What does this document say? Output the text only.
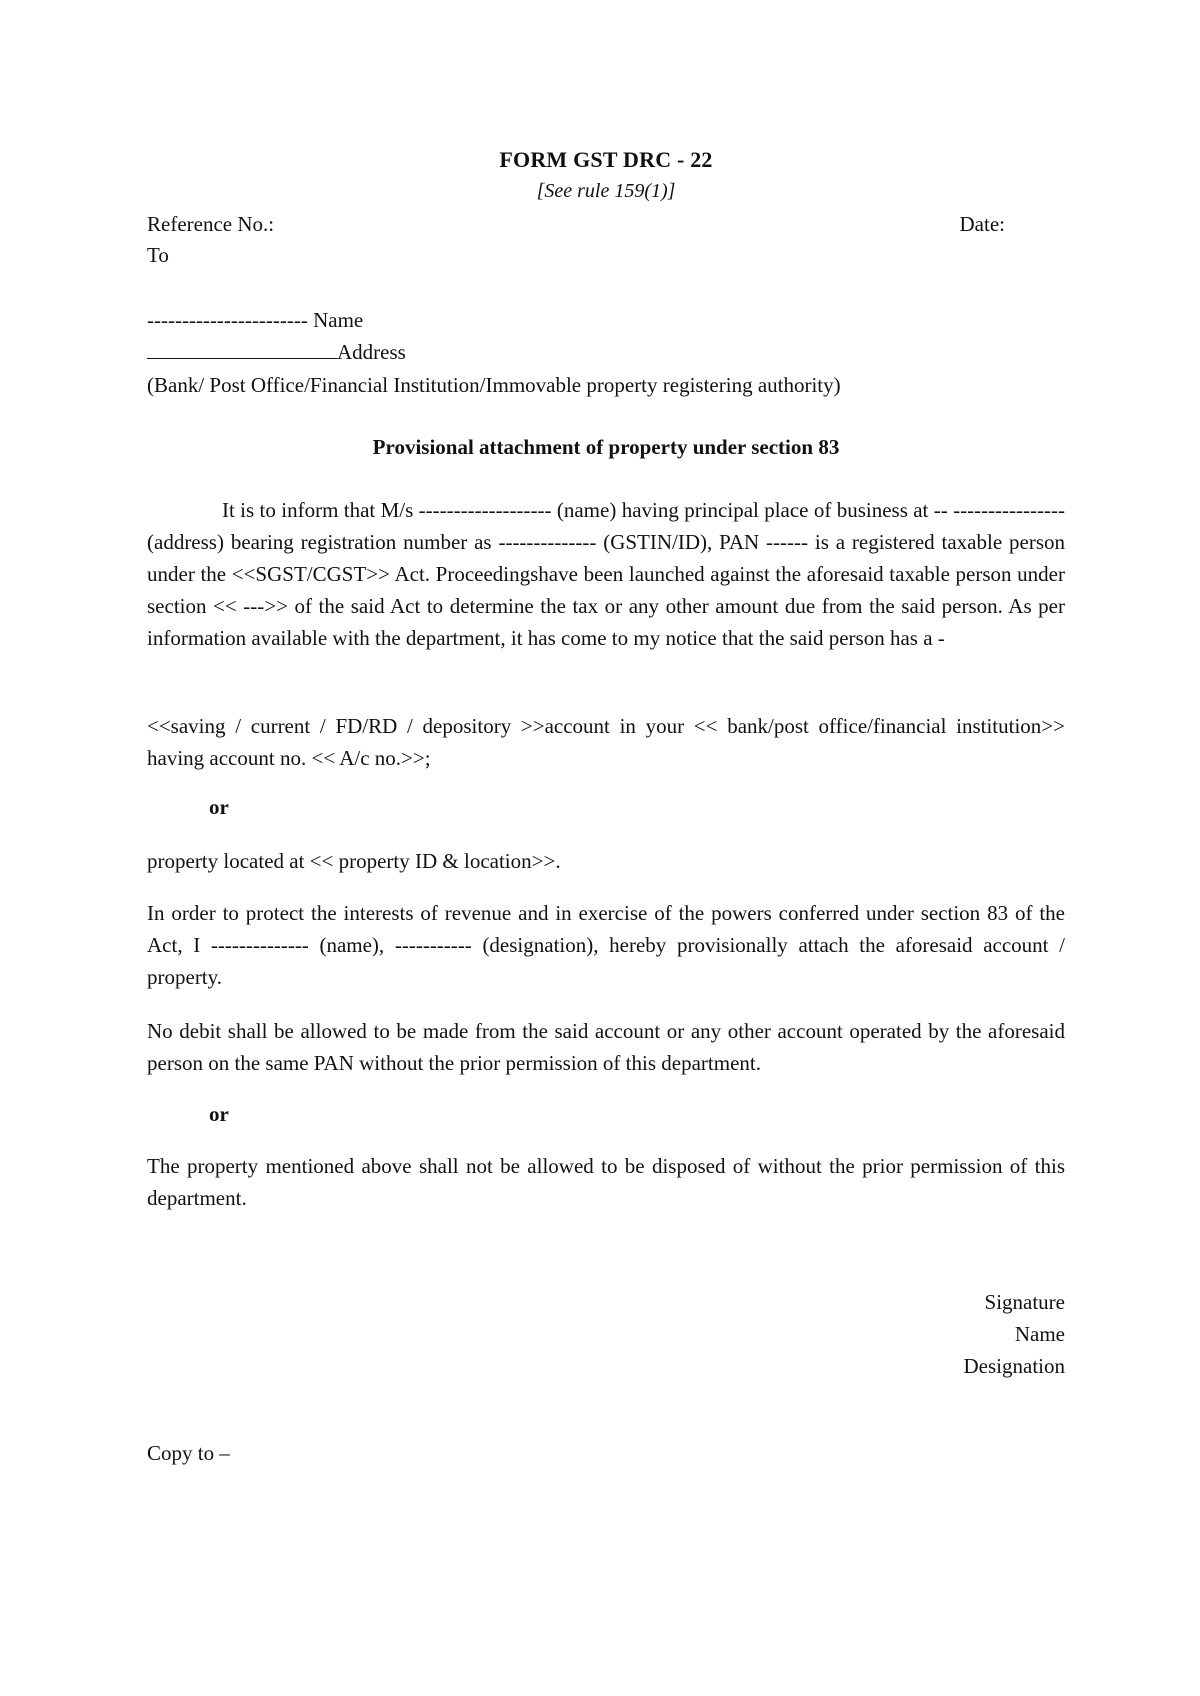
FORM GST DRC - 22
[See rule 159(1)]
Reference No.:	Date:
To
----------------------- Name
Address
(Bank/ Post Office/Financial Institution/Immovable property registering authority)
Provisional attachment of property under section 83
It is to inform that M/s ------------------- (name) having principal place of business at -- ----------------(address) bearing registration number as -------------- (GSTIN/ID), PAN ------ is a registered taxable person under the <<SGST/CGST>> Act. Proceedingshave been launched against the aforesaid taxable person under section << --->> of the said Act to determine the tax or any other amount due from the said person. As per information available with the department, it has come to my notice that the said person has a -
<<saving / current / FD/RD / depository >>account in your << bank/post office/financial institution>> having account no. << A/c no.>>;
or
property located at << property ID & location>>.
In order to protect the interests of revenue and in exercise of the powers conferred under section 83 of the Act, I -------------- (name), ----------- (designation), hereby provisionally attach the aforesaid account / property.
No debit shall be allowed to be made from the said account or any other account operated by the aforesaid person on the same PAN without the prior permission of this department.
or
The property mentioned above shall not be allowed to be disposed of without the prior permission of this department.
Signature
Name
Designation
Copy to –
